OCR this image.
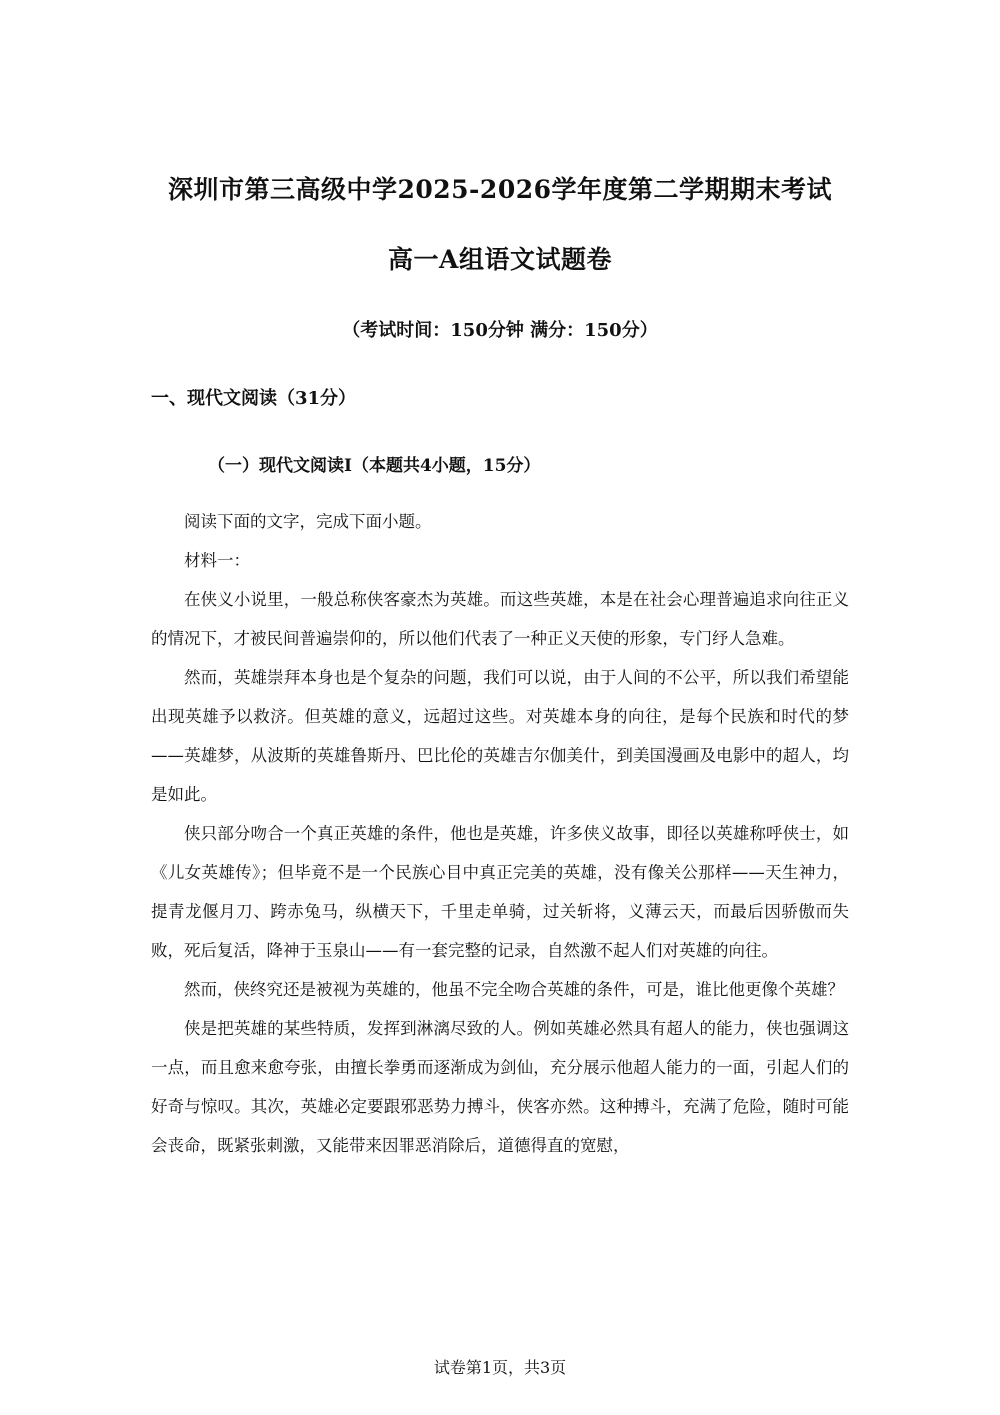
深圳市第三高级中学2025-2026学年度第二学期期末考试
高一A组语文试题卷
（考试时间：150分钟 满分：150分）
一、现代文阅读（31分）
（一）现代文阅读Ⅰ（本题共4小题，15分）

阅读下面的文字，完成下面小题。

材料一：

在侠义小说里，一般总称侠客豪杰为英雄。而这些英雄，本是在社会心理普遍追求向往正义的情况下，才被民间普遍崇仰的，所以他们代表了一种正义天使的形象，专门纾人急难。

然而，英雄崇拜本身也是个复杂的问题，我们可以说，由于人间的不公平，所以我们希望能出现英雄予以救济。但英雄的意义，远超过这些。对英雄本身的向往，是每个民族和时代的梦——英雄梦，从波斯的英雄鲁斯丹、巴比伦的英雄吉尔伽美什，到美国漫画及电影中的超人，均是如此。

侠只部分吻合一个真正英雄的条件，他也是英雄，许多侠义故事，即径以英雄称呼侠士，如《儿女英雄传》；但毕竟不是一个民族心目中真正完美的英雄，没有像关公那样——天生神力，提青龙偃月刀、跨赤兔马，纵横天下，千里走单骑，过关斩将，义薄云天，而最后因骄傲而失败，死后复活，降神于玉泉山——有一套完整的记录，自然激不起人们对英雄的向往。

然而，侠终究还是被视为英雄的，他虽不完全吻合英雄的条件，可是，谁比他更像个英雄？

侠是把英雄的某些特质，发挥到淋漓尽致的人。例如英雄必然具有超人的能力，侠也强调这一点，而且愈来愈夸张，由擅长拳勇而逐渐成为剑仙，充分展示他超人能力的一面，引起人们的好奇与惊叹。其次，英雄必定要跟邪恶势力搏斗，侠客亦然。这种搏斗，充满了危险，随时可能会丧命，既紧张刺激，又能带来因罪恶消除后，道德得直的宽慰，

试卷第1页，共3页
